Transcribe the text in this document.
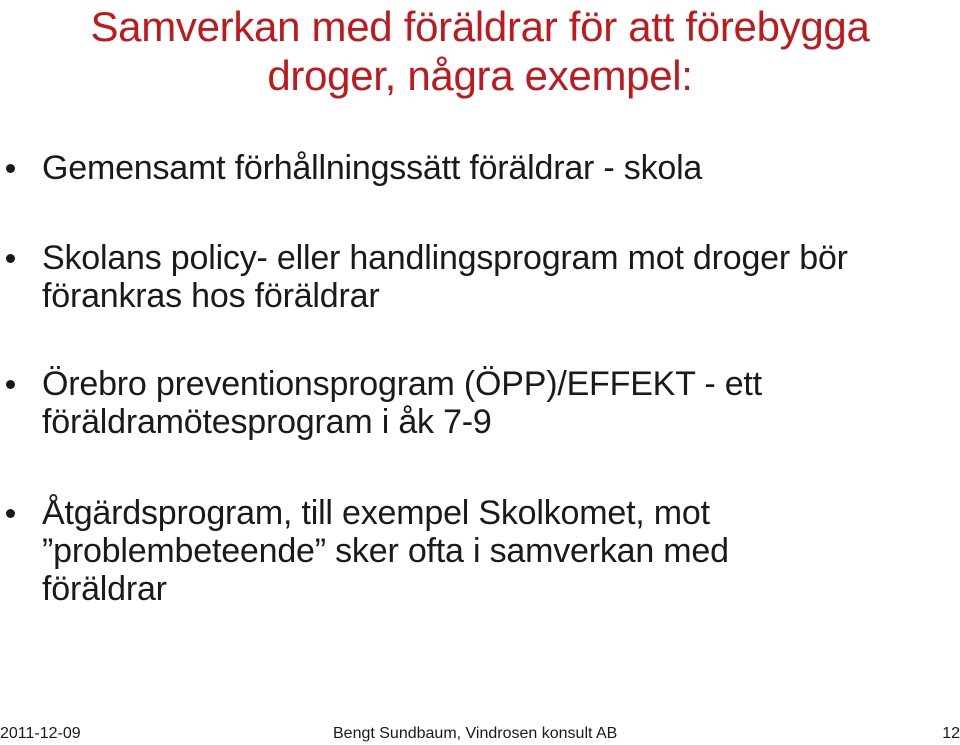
Samverkan med föräldrar för att förebygga
droger, några exempel:
Gemensamt förhållningssätt föräldrar - skola
Skolans policy- eller handlingsprogram mot droger bör
förankras hos föräldrar
Örebro preventionsprogram (ÖPP)/EFFEKT - ett
föräldramötesprogram i åk 7-9
Åtgärdsprogram, till exempel Skolkomet, mot
”problembeteende” sker ofta i samverkan med
föräldrar
2011-12-09	Bengt Sundbaum, Vindrosen konsult AB	12
